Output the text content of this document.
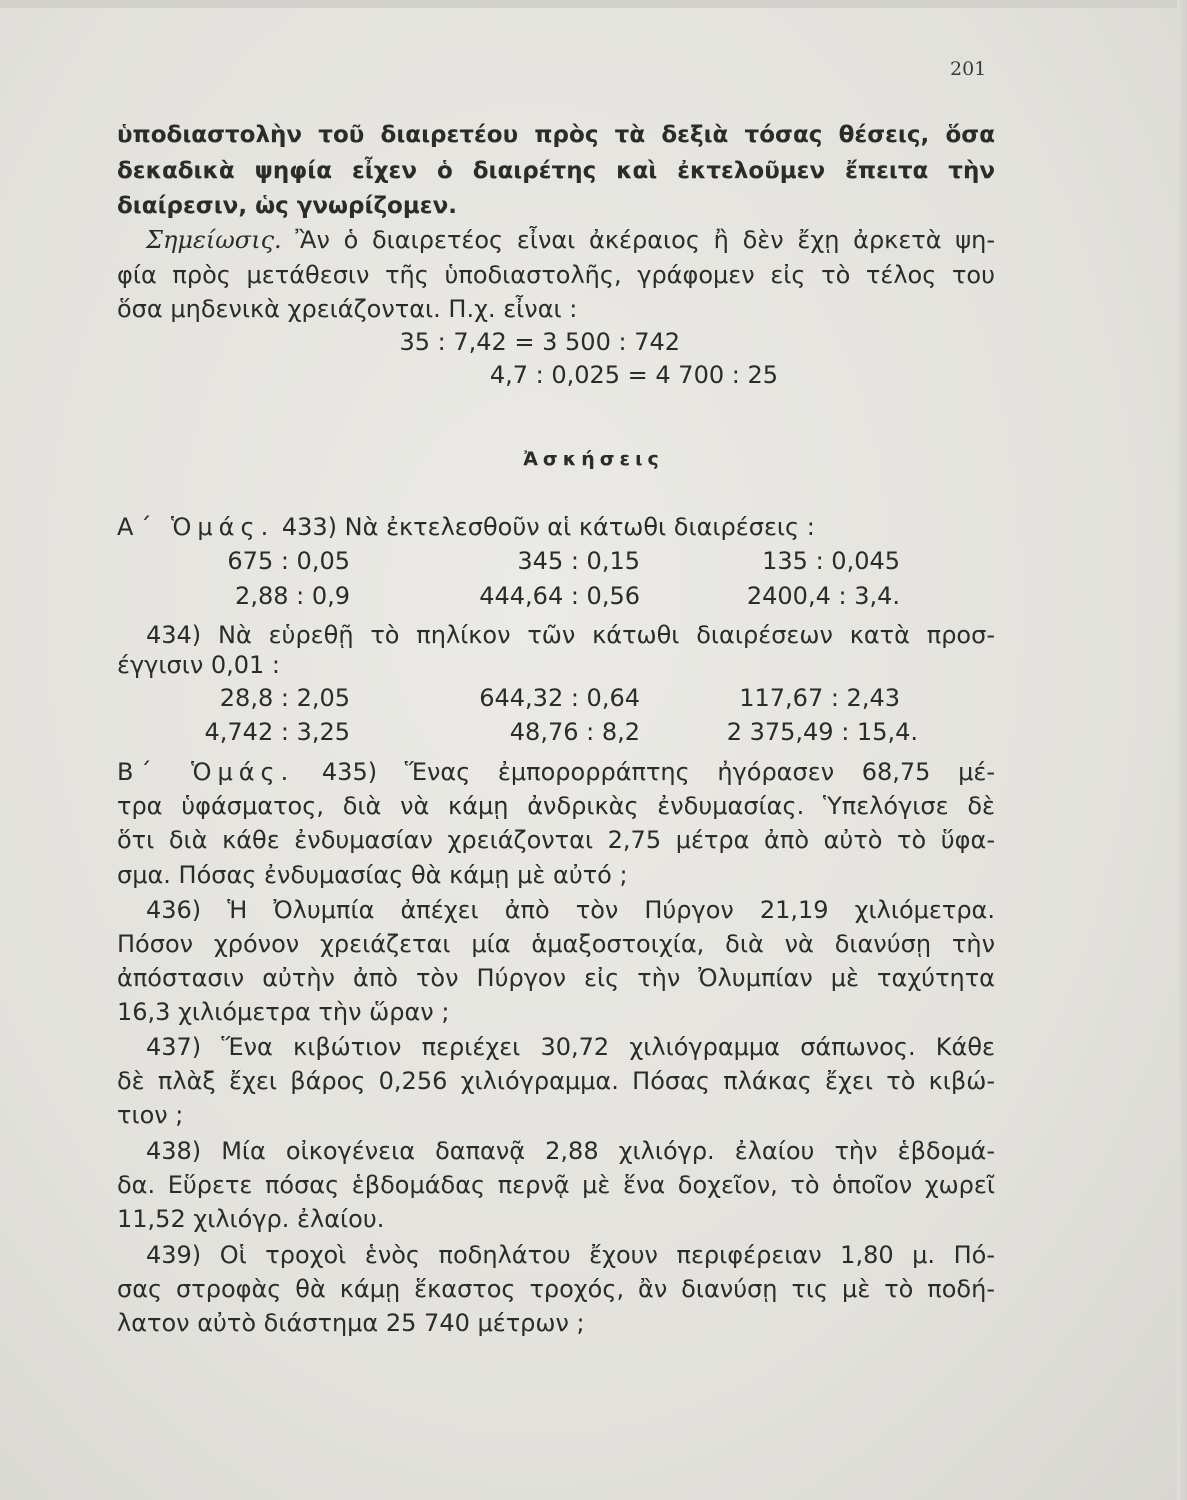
201
ὑποδιαστολὴν τοῦ διαιρετέου πρὸς τὰ δεξιὰ τόσας θέσεις, ὅσα
δεκαδικὰ ψηφία εἶχεν ὁ διαιρέτης καὶ ἐκτελοῦμεν ἔπειτα τὴν
διαίρεσιν, ὡς γνωρίζομεν.
Σημείωσις. Ἂν ὁ διαιρετέος εἶναι ἀκέραιος ἢ δὲν ἔχῃ ἀρκετὰ ψη-
φία πρὸς μετάθεσιν τῆς ὑποδιαστολῆς, γράφομεν εἰς τὸ τέλος του
ὅσα μηδενικὰ χρειάζονται. Π.χ. εἶναι :
35 : 7,42 = 3 500 : 742
4,7 : 0,025 = 4 700 : 25
Ἀσκήσεις
Α΄ Ὁμάς. 433) Νὰ ἐκτελεσθοῦν αἱ κάτωθι διαιρέσεις :
675 : 0,05	345 : 0,15	135 : 0,045
2,88 : 0,9	444,64 : 0,56	2400,4 : 3,4.
434) Νὰ εὑρεθῇ τὸ πηλίκον τῶν κάτωθι διαιρέσεων κατὰ προσ-
έγγισιν 0,01 :
28,8 : 2,05	644,32 : 0,64	117,67 : 2,43
4,742 : 3,25	48,76 : 8,2	2 375,49 : 15,4.
Β΄ Ὁμάς. 435) Ἕνας ἐμπορορράπτης ἠγόρασεν 68,75 μέ-
τρα ὑφάσματος, διὰ νὰ κάμῃ ἀνδρικὰς ἐνδυμασίας. Ὑπελόγισε δὲ
ὅτι διὰ κάθε ἐνδυμασίαν χρειάζονται 2,75 μέτρα ἀπὸ αὐτὸ τὸ ὕφα-
σμα. Πόσας ἐνδυμασίας θὰ κάμῃ μὲ αὐτό ;
436) Ἡ Ὀλυμπία ἀπέχει ἀπὸ τὸν Πύργον 21,19 χιλιόμετρα.
Πόσον χρόνον χρειάζεται μία ἁμαξοστοιχία, διὰ νὰ διανύσῃ τὴν
ἀπόστασιν αὐτὴν ἀπὸ τὸν Πύργον εἰς τὴν Ὀλυμπίαν μὲ ταχύτητα
16,3 χιλιόμετρα τὴν ὥραν ;
437) Ἕνα κιβώτιον περιέχει 30,72 χιλιόγραμμα σάπωνος. Κάθε
δὲ πλὰξ ἔχει βάρος 0,256 χιλιόγραμμα. Πόσας πλάκας ἔχει τὸ κιβώ-
τιον ;
438) Μία οἰκογένεια δαπανᾷ 2,88 χιλιόγρ. ἐλαίου τὴν ἑβδομά-
δα. Εὕρετε πόσας ἑβδομάδας περνᾷ μὲ ἕνα δοχεῖον, τὸ ὁποῖον χωρεῖ
11,52 χιλιόγρ. ἐλαίου.
439) Οἱ τροχοὶ ἑνὸς ποδηλάτου ἔχουν περιφέρειαν 1,80 μ. Πό-
σας στροφὰς θὰ κάμῃ ἕκαστος τροχός, ἂν διανύσῃ τις μὲ τὸ ποδή-
λατον αὐτὸ διάστημα 25 740 μέτρων ;
